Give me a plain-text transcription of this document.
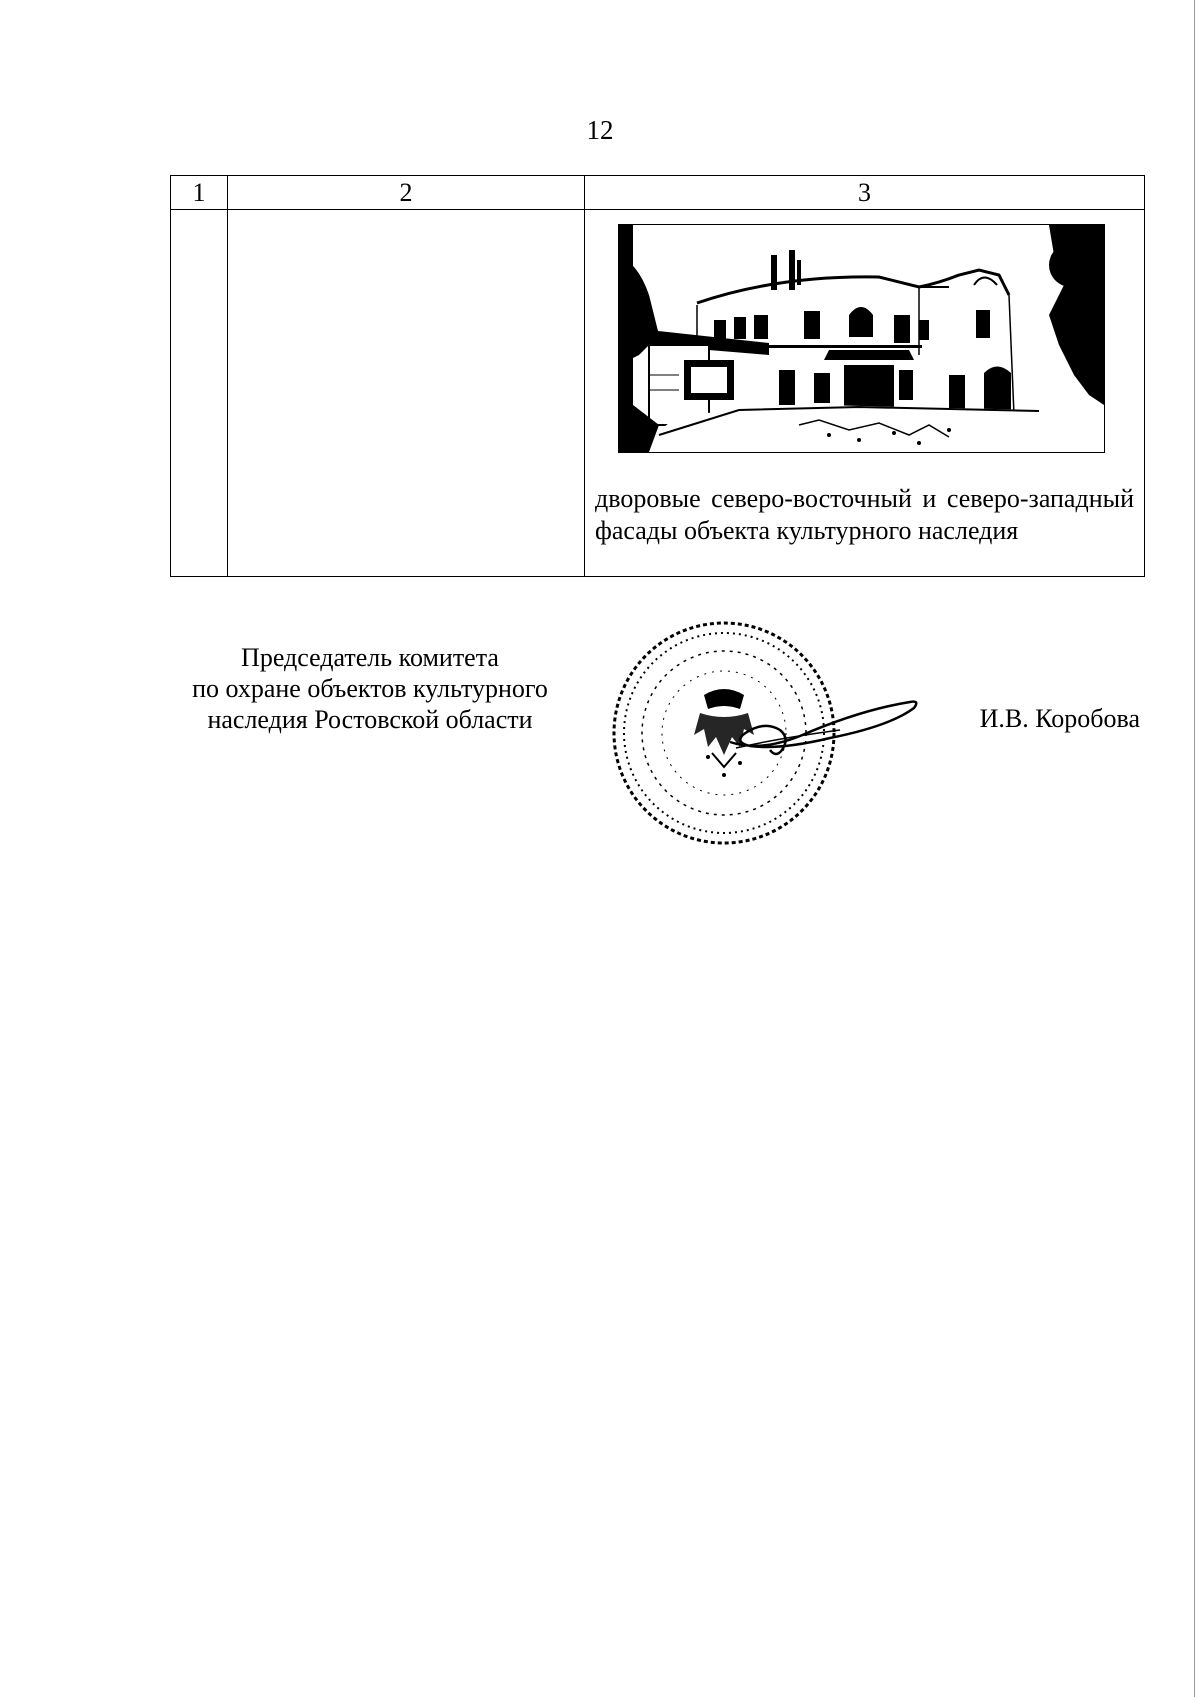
12
1	2	3

		дворовые северо-восточный и северо-западный фасады объекта культурного наследия
Председатель комитета
по охране объектов культурного
наследия Ростовской области	И.В. Коробова
